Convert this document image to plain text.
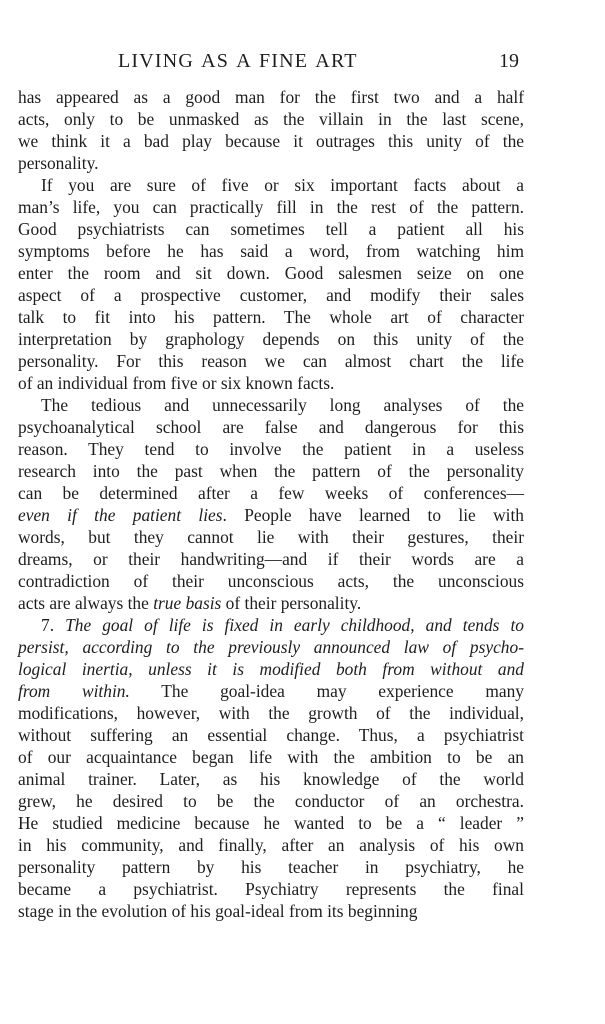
LIVING AS A FINE ART	19
has appeared as a good man for the first two and a half
acts, only to be unmasked as the villain in the last scene,
we think it a bad play because it outrages this unity of the
personality.
If you are sure of five or six important facts about a
man’s life, you can practically fill in the rest of the pattern.
Good psychiatrists can sometimes tell a patient all his
symptoms before he has said a word, from watching him
enter the room and sit down. Good salesmen seize on one
aspect of a prospective customer, and modify their sales
talk to fit into his pattern. The whole art of character
interpretation by graphology depends on this unity of the
personality. For this reason we can almost chart the life
of an individual from five or six known facts.
The tedious and unnecessarily long analyses of the
psychoanalytical school are false and dangerous for this
reason. They tend to involve the patient in a useless
research into the past when the pattern of the personality
can be determined after a few weeks of conferences—
even if the patient lies. People have learned to lie with
words, but they cannot lie with their gestures, their
dreams, or their handwriting—and if their words are a
contradiction of their unconscious acts, the unconscious
acts are always the true basis of their personality.
7. The goal of life is fixed in early childhood, and tends to
persist, according to the previously announced law of psycho-
logical inertia, unless it is modified both from without and
from within. The goal-idea may experience many
modifications, however, with the growth of the individual,
without suffering an essential change. Thus, a psychiatrist
of our acquaintance began life with the ambition to be an
animal trainer. Later, as his knowledge of the world
grew, he desired to be the conductor of an orchestra.
He studied medicine because he wanted to be a “ leader ”
in his community, and finally, after an analysis of his own
personality pattern by his teacher in psychiatry, he
became a psychiatrist. Psychiatry represents the final
stage in the evolution of his goal-ideal from its beginning
